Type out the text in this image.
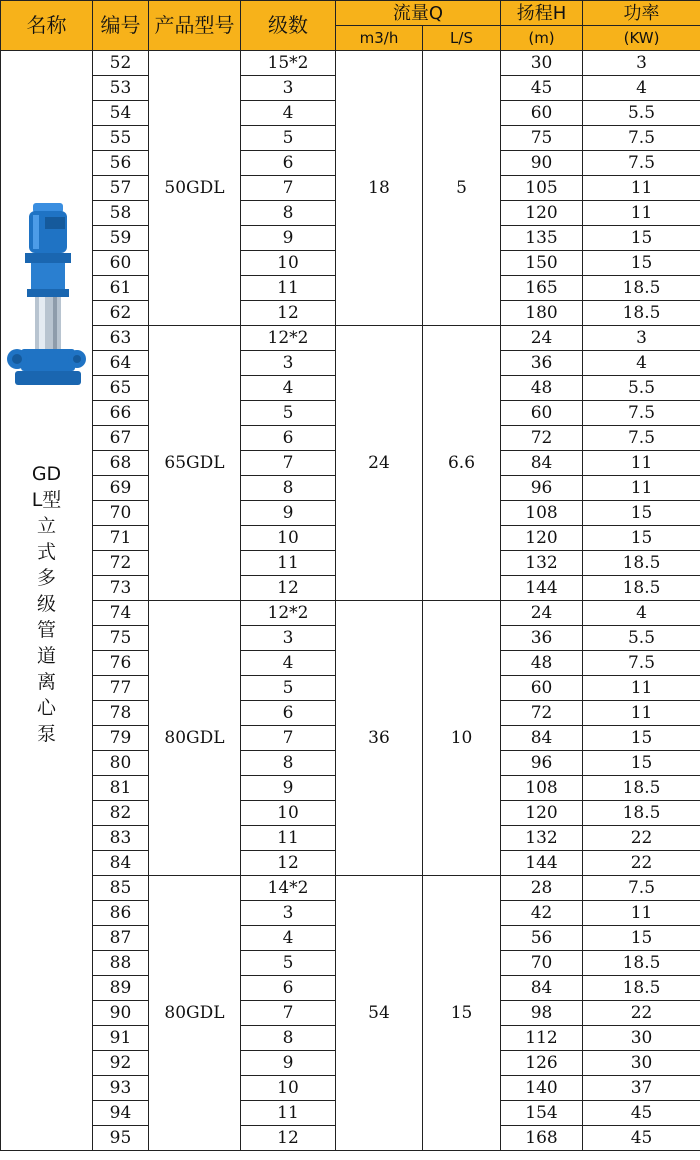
名称	编号	产品型号	级数	流量Q		扬程H	功率
				m3/h	L/S	(m)	(KW)

GDL型立式多级管道离心泵	52	50GDL	15*2	18	5	30	3
	53		3			45	4
	54		4			60	5.5
	55		5			75	7.5
	56		6			90	7.5
	57		7			105	11
	58		8			120	11
	59		9			135	15
	60		10			150	15
	61		11			165	18.5
	62		12			180	18.5
	63	65GDL	12*2	24	6.6	24	3
	64		3			36	4
	65		4			48	5.5
	66		5			60	7.5
	67		6			72	7.5
	68		7			84	11
	69		8			96	11
	70		9			108	15
	71		10			120	15
	72		11			132	18.5
	73		12			144	18.5
	74	80GDL	12*2	36	10	24	4
	75		3			36	5.5
	76		4			48	7.5
	77		5			60	11
	78		6			72	11
	79		7			84	15
	80		8			96	15
	81		9			108	18.5
	82		10			120	18.5
	83		11			132	22
	84		12			144	22
	85	80GDL	14*2	54	15	28	7.5
	86		3			42	11
	87		4			56	15
	88		5			70	18.5
	89		6			84	18.5
	90		7			98	22
	91		8			112	30
	92		9			126	30
	93		10			140	37
	94		11			154	45
	95		12			168	45
